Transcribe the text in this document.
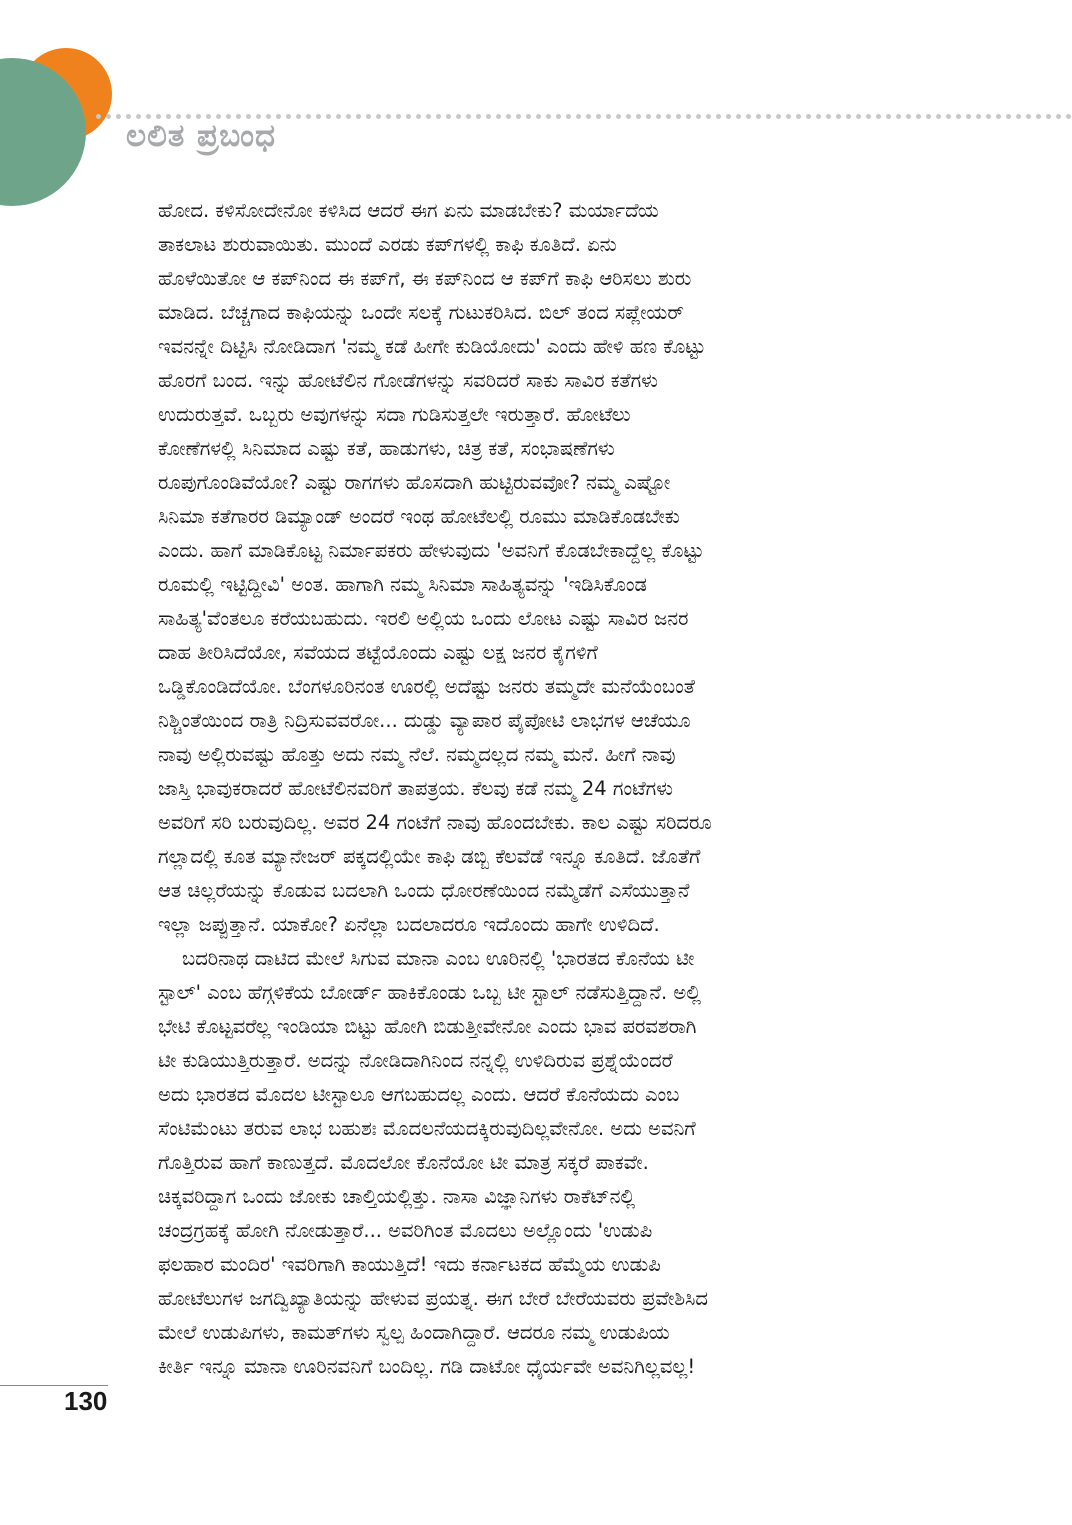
ಲಲಿತ ಪ್ರಬಂಧ
ಹೋದ. ಕಳಿಸೋದೇನೋ ಕಳಿಸಿದ ಆದರೆ ಈಗ ಏನು ಮಾಡಬೇಕು? ಮರ್ಯಾದೆಯ
ತಾಕಲಾಟ ಶುರುವಾಯಿತು. ಮುಂದೆ ಎರಡು ಕಪ್‌ಗಳಲ್ಲಿ ಕಾಫಿ ಕೂತಿದೆ. ಏನು
ಹೊಳೆಯಿತೋ ಆ ಕಪ್‌ನಿಂದ ಈ ಕಪ್‌ಗೆ, ಈ ಕಪ್‌ನಿಂದ ಆ ಕಪ್‌ಗೆ ಕಾಫಿ ಆರಿಸಲು ಶುರು
ಮಾಡಿದ. ಬೆಚ್ಚಗಾದ ಕಾಫಿಯನ್ನು ಒಂದೇ ಸಲಕ್ಕೆ ಗುಟುಕರಿಸಿದ. ಬಿಲ್ ತಂದ ಸಪ್ಲೇಯರ್
ಇವನನ್ನೇ ದಿಟ್ಟಿಸಿ ನೋಡಿದಾಗ 'ನಮ್ಮ ಕಡೆ ಹೀಗೇ ಕುಡಿಯೋದು' ಎಂದು ಹೇಳಿ ಹಣ ಕೊಟ್ಟು
ಹೊರಗೆ ಬಂದ. ಇನ್ನು ಹೋಟೆಲಿನ ಗೋಡೆಗಳನ್ನು ಸವರಿದರೆ ಸಾಕು ಸಾವಿರ ಕತೆಗಳು
ಉದುರುತ್ತವೆ. ಒಬ್ಬರು ಅವುಗಳನ್ನು ಸದಾ ಗುಡಿಸುತ್ತಲೇ ಇರುತ್ತಾರೆ. ಹೋಟೆಲು
ಕೋಣೆಗಳಲ್ಲಿ ಸಿನಿಮಾದ ಎಷ್ಟು ಕತೆ, ಹಾಡುಗಳು, ಚಿತ್ರ ಕತೆ, ಸಂಭಾಷಣೆಗಳು
ರೂಪುಗೊಂಡಿವೆಯೋ? ಎಷ್ಟು ರಾಗಗಳು ಹೊಸದಾಗಿ ಹುಟ್ಟಿರುವವೋ? ನಮ್ಮ ಎಷ್ಟೋ
ಸಿನಿಮಾ ಕತೆಗಾರರ ಡಿಮ್ಯಾಂಡ್ ಅಂದರೆ ಇಂಥ ಹೋಟೆಲಲ್ಲಿ ರೂಮು ಮಾಡಿಕೊಡಬೇಕು
ಎಂದು. ಹಾಗೆ ಮಾಡಿಕೊಟ್ಟ ನಿರ್ಮಾಪಕರು ಹೇಳುವುದು 'ಅವನಿಗೆ ಕೊಡಬೇಕಾದ್ದೆಲ್ಲ ಕೊಟ್ಟು
ರೂಮಲ್ಲಿ ಇಟ್ಟಿದ್ದೀವಿ' ಅಂತ. ಹಾಗಾಗಿ ನಮ್ಮ ಸಿನಿಮಾ ಸಾಹಿತ್ಯವನ್ನು 'ಇಡಿಸಿಕೊಂಡ
ಸಾಹಿತ್ಯ'ವೆಂತಲೂ ಕರೆಯಬಹುದು. ಇರಲಿ ಅಲ್ಲಿಯ ಒಂದು ಲೋಟ ಎಷ್ಟು ಸಾವಿರ ಜನರ
ದಾಹ ತೀರಿಸಿದೆಯೋ, ಸವೆಯದ ತಟ್ಟೆಯೊಂದು ಎಷ್ಟು ಲಕ್ಷ ಜನರ ಕೈಗಳಿಗೆ
ಒಡ್ಡಿಕೊಂಡಿದೆಯೋ. ಬೆಂಗಳೂರಿನಂತ ಊರಲ್ಲಿ ಅದೆಷ್ಟು ಜನರು ತಮ್ಮದೇ ಮನೆಯೆಂಬಂತೆ
ನಿಶ್ಚಿಂತೆಯಿಂದ ರಾತ್ರಿ ನಿದ್ರಿಸುವವರೋ... ದುಡ್ಡು ವ್ಯಾಪಾರ ಪೈಪೋಟಿ ಲಾಭಗಳ ಆಚೆಯೂ
ನಾವು ಅಲ್ಲಿರುವಷ್ಟು ಹೊತ್ತು ಅದು ನಮ್ಮ ನೆಲೆ. ನಮ್ಮದಲ್ಲದ ನಮ್ಮ ಮನೆ. ಹೀಗೆ ನಾವು
ಜಾಸ್ತಿ ಭಾವುಕರಾದರೆ ಹೋಟೆಲಿನವರಿಗೆ ತಾಪತ್ರಯ. ಕೆಲವು ಕಡೆ ನಮ್ಮ 24 ಗಂಟೆಗಳು
ಅವರಿಗೆ ಸರಿ ಬರುವುದಿಲ್ಲ. ಅವರ 24 ಗಂಟೆಗೆ ನಾವು ಹೊಂದಬೇಕು. ಕಾಲ ಎಷ್ಟು ಸರಿದರೂ
ಗಲ್ಲಾದಲ್ಲಿ ಕೂತ ಮ್ಯಾನೇಜರ್ ಪಕ್ಕದಲ್ಲಿಯೇ ಕಾಫಿ ಡಬ್ಬಿ ಕೆಲವೆಡೆ ಇನ್ನೂ ಕೂತಿದೆ. ಜೊತೆಗೆ
ಆತ ಚಿಲ್ಲರೆಯನ್ನು ಕೊಡುವ ಬದಲಾಗಿ ಒಂದು ಧೋರಣೆಯಿಂದ ನಮ್ಮೆಡೆಗೆ ಎಸೆಯುತ್ತಾನೆ
ಇಲ್ಲಾ ಜಪ್ಪುತ್ತಾನೆ. ಯಾಕೋ? ಏನೆಲ್ಲಾ ಬದಲಾದರೂ ಇದೊಂದು ಹಾಗೇ ಉಳಿದಿದೆ.
ಬದರಿನಾಥ ದಾಟಿದ ಮೇಲೆ ಸಿಗುವ ಮಾನಾ ಎಂಬ ಊರಿನಲ್ಲಿ 'ಭಾರತದ ಕೊನೆಯ ಟೀ
ಸ್ಟಾಲ್' ಎಂಬ ಹೆಗ್ಗಳಿಕೆಯ ಬೋರ್ಡ್ ಹಾಕಿಕೊಂಡು ಒಬ್ಬ ಟೀ ಸ್ಟಾಲ್ ನಡೆಸುತ್ತಿದ್ದಾನೆ. ಅಲ್ಲಿ
ಭೇಟಿ ಕೊಟ್ಟವರೆಲ್ಲ ಇಂಡಿಯಾ ಬಿಟ್ಟು ಹೋಗಿ ಬಿಡುತ್ತೀವೇನೋ ಎಂದು ಭಾವ ಪರವಶರಾಗಿ
ಟೀ ಕುಡಿಯುತ್ತಿರುತ್ತಾರೆ. ಅದನ್ನು ನೋಡಿದಾಗಿನಿಂದ ನನ್ನಲ್ಲಿ ಉಳಿದಿರುವ ಪ್ರಶ್ನೆಯೆಂದರೆ
ಅದು ಭಾರತದ ಮೊದಲ ಟೀಸ್ಟಾಲೂ ಆಗಬಹುದಲ್ಲ ಎಂದು. ಆದರೆ ಕೊನೆಯದು ಎಂಬ
ಸೆಂಟಿಮೆಂಟು ತರುವ ಲಾಭ ಬಹುಶಃ ಮೊದಲನೆಯದಕ್ಕಿರುವುದಿಲ್ಲವೇನೋ. ಅದು ಅವನಿಗೆ
ಗೊತ್ತಿರುವ ಹಾಗೆ ಕಾಣುತ್ತದೆ. ಮೊದಲೋ ಕೊನೆಯೋ ಟೀ ಮಾತ್ರ ಸಕ್ಕರೆ ಪಾಕವೇ.
ಚಿಕ್ಕವರಿದ್ದಾಗ ಒಂದು ಜೋಕು ಚಾಲ್ತಿಯಲ್ಲಿತ್ತು. ನಾಸಾ ವಿಜ್ಞಾನಿಗಳು ರಾಕೆಟ್‌ನಲ್ಲಿ
ಚಂದ್ರಗ್ರಹಕ್ಕೆ ಹೋಗಿ ನೋಡುತ್ತಾರೆ... ಅವರಿಗಿಂತ ಮೊದಲು ಅಲ್ಲೊಂದು 'ಉಡುಪಿ
ಫಲಹಾರ ಮಂದಿರ' ಇವರಿಗಾಗಿ ಕಾಯುತ್ತಿದೆ! ಇದು ಕರ್ನಾಟಕದ ಹೆಮ್ಮೆಯ ಉಡುಪಿ
ಹೋಟೆಲುಗಳ ಜಗದ್ವಿಖ್ಯಾತಿಯನ್ನು ಹೇಳುವ ಪ್ರಯತ್ನ. ಈಗ ಬೇರೆ ಬೇರೆಯವರು ಪ್ರವೇಶಿಸಿದ
ಮೇಲೆ ಉಡುಪಿಗಳು, ಕಾಮತ್‌ಗಳು ಸ್ವಲ್ಪ ಹಿಂದಾಗಿದ್ದಾರೆ. ಆದರೂ ನಮ್ಮ ಉಡುಪಿಯ
ಕೀರ್ತಿ ಇನ್ನೂ ಮಾನಾ ಊರಿನವನಿಗೆ ಬಂದಿಲ್ಲ. ಗಡಿ ದಾಟೋ ಧೈರ್ಯವೇ ಅವನಿಗಿಲ್ಲವಲ್ಲ!
130
